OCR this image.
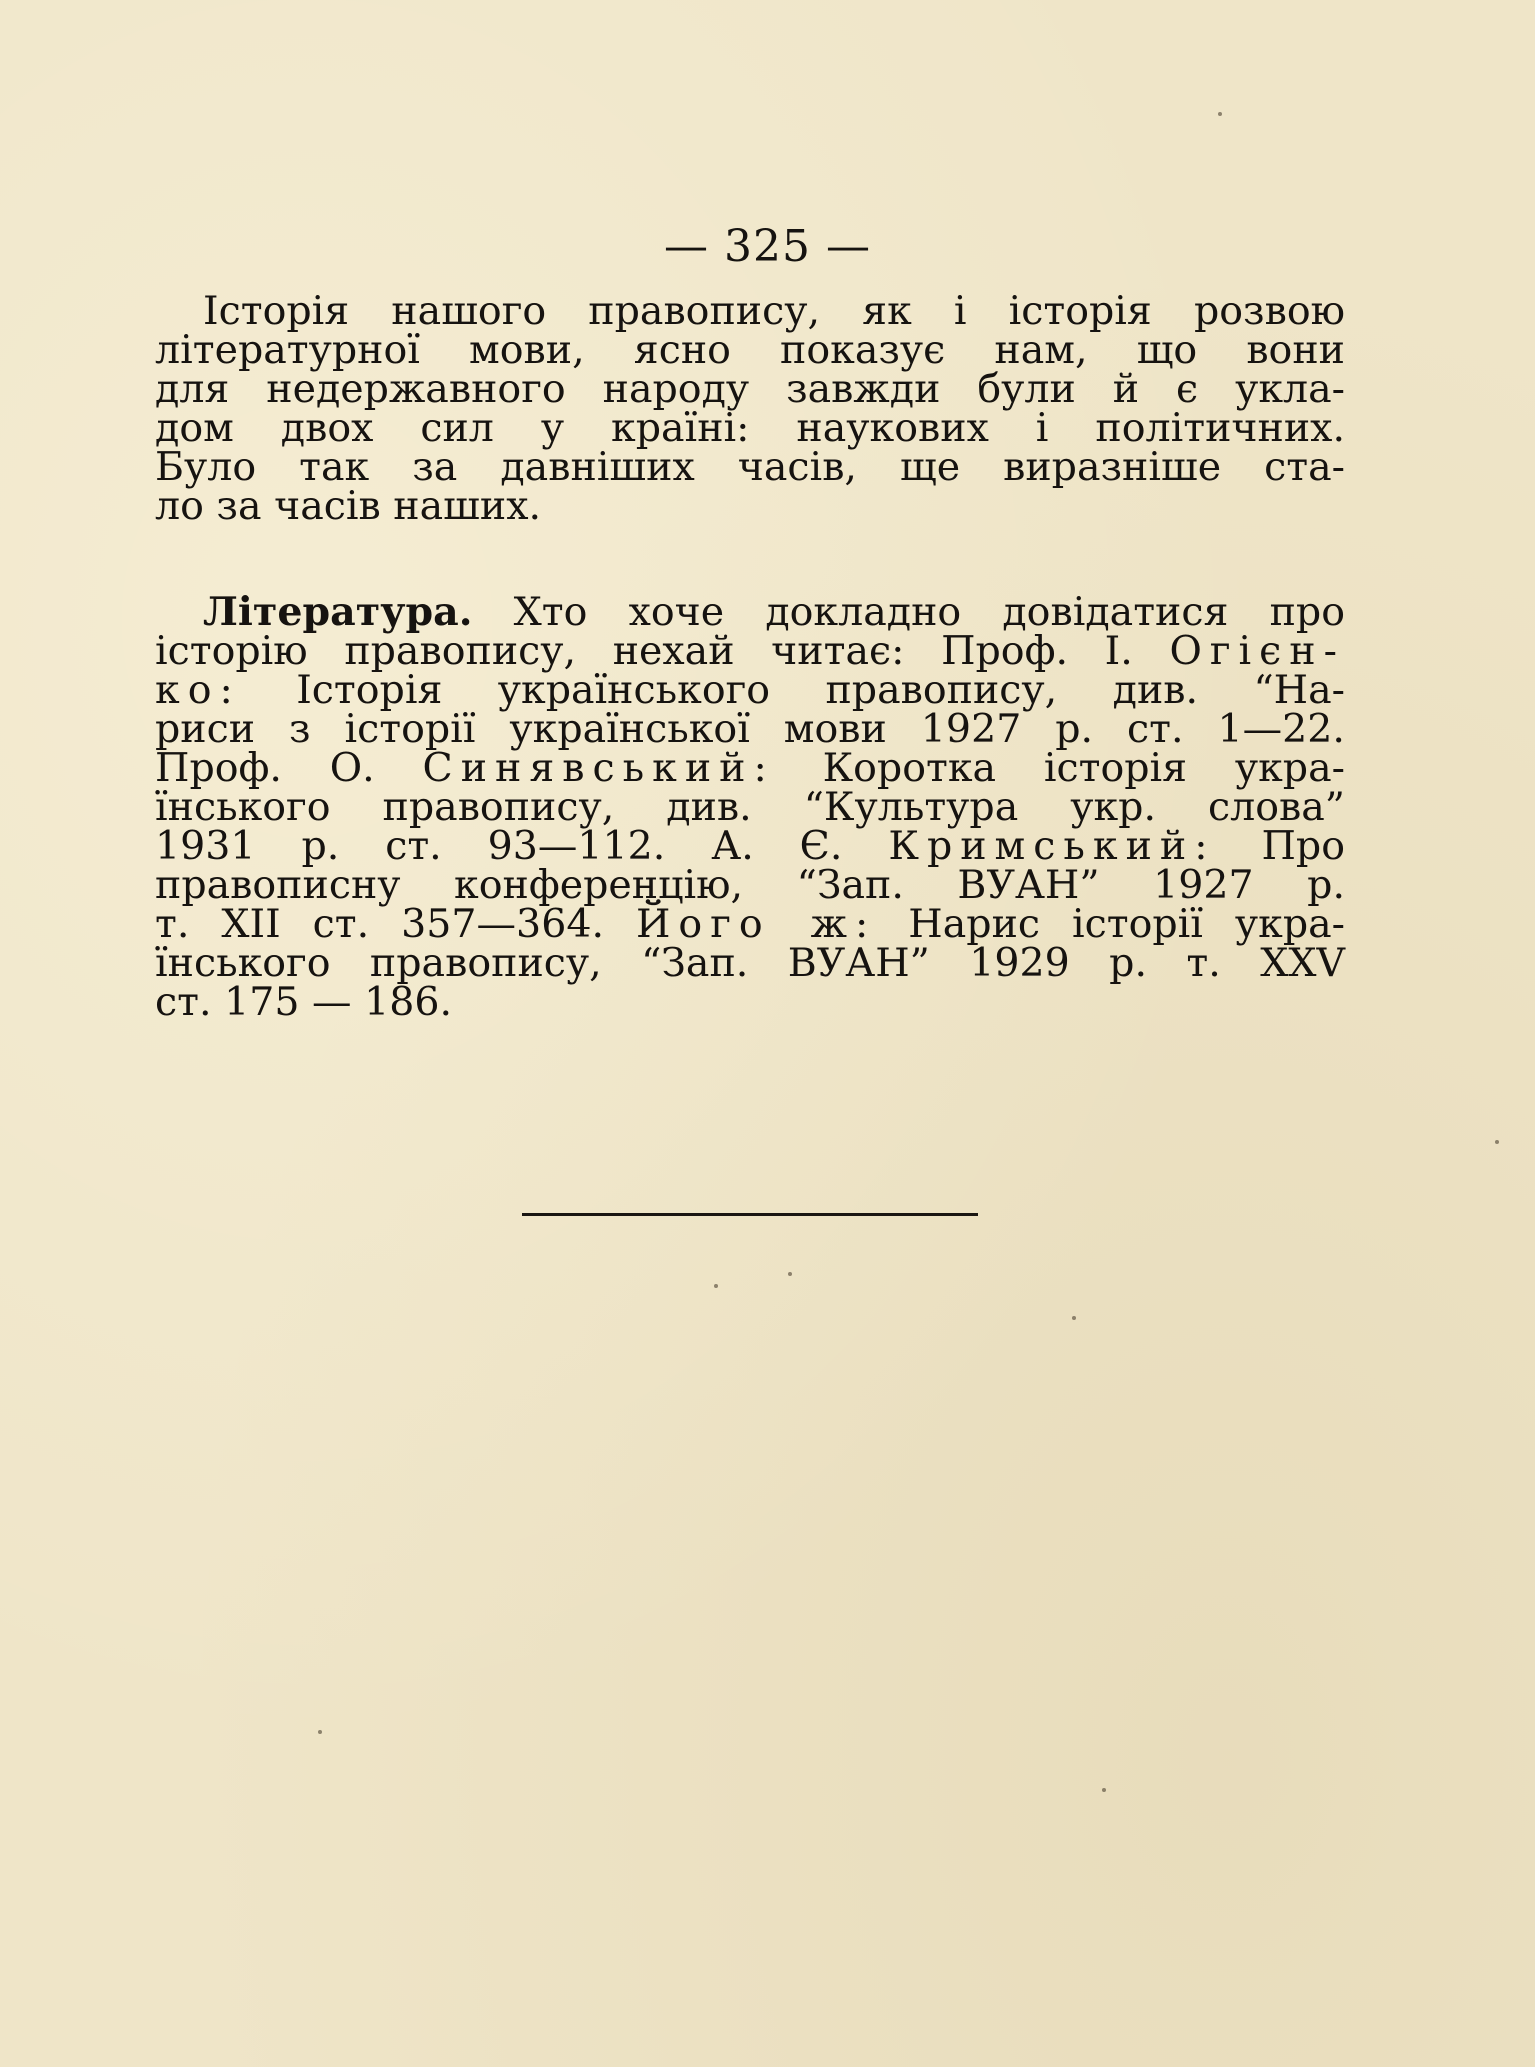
— 325 —
Історія нашого правопису, як і історія розвою
літературної мови, ясно показує нам, що вони
для недержавного народу завжди були й є укла-
дом двох сил у країні: наукових і політичних.
Було так за давніших часів, ще виразніше ста-
ло за часів наших.
Література. Хто хоче докладно довідатися про
історію правопису, нехай читає: Проф. І. Огієн-
ко: Історія українського правопису, див. “На-
риси з історії української мови 1927 р. ст. 1—22.
Проф. О. Синявський: Коротка історія укра-
їнського правопису, див. “Культура укр. слова”
1931 р. ст. 93—112. А. Є. Кримський: Про
правописну конференцію, “Зап. ВУАН” 1927 р.
т. XII ст. 357—364. Його ж: Нарис історії укра-
їнського правопису, “Зап. ВУАН” 1929 р. т. XXV
ст. 175 — 186.
